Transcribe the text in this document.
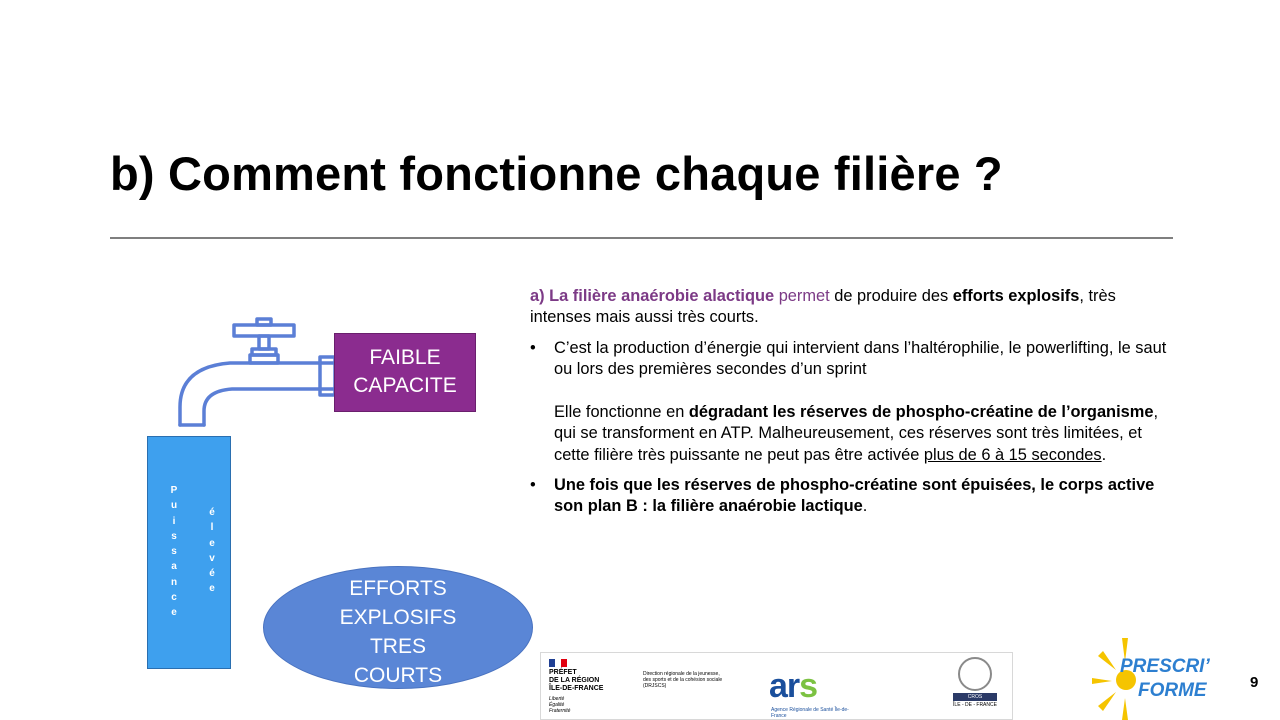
b) Comment fonctionne chaque filière ?
FAIBLE CAPACITE
P
u
i
s
s
a
n
c
e
é
l
e
v
é
e	EFFORTS EXPLOSIFS TRES COURTS

a) La filière anaérobie alactique permet de produire des efforts explosifs, très intenses mais aussi très courts.

• C’est la production d’énergie qui intervient dans l’haltérophilie, le powerlifting, le saut ou lors des premières secondes d’un sprint
Elle fonctionne en dégradant les réserves de phospho-créatine de l’organisme, qui se transforment en ATP. Malheureusement, ces réserves sont très limitées, et cette filière très puissante ne peut pas être activée plus de 6 à 15 secondes.

• Une fois que les réserves de phospho-créatine sont épuisées, le corps active son plan B : la filière anaérobie lactique.

PRÉFET
DE LA RÉGION
ÎLE-DE-FRANCE
Liberté
Égalité
Fraternité
Direction régionale de la jeunesse, des sports et de la cohésion sociale (DRJSCS)	ars
Agence Régionale de Santé Île-de-France
CROS
ÎLE - DE - FRANCE
PRESCRI’
FORME	9
